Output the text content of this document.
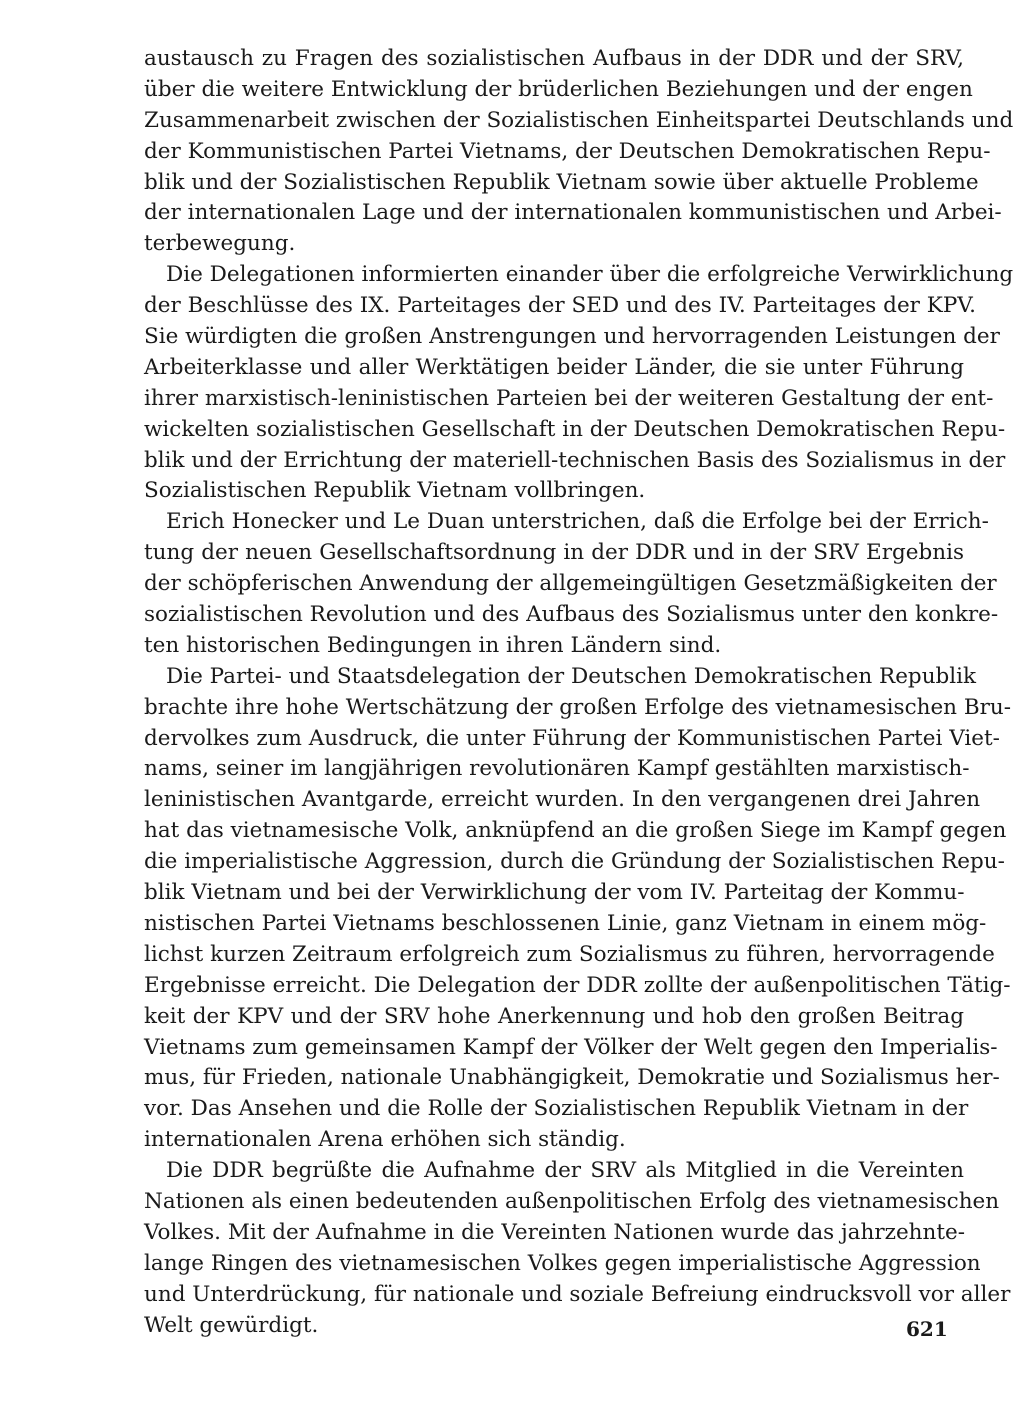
austausch zu Fragen des sozialistischen Aufbaus in der DDR und der SRV,
über die weitere Entwicklung der brüderlichen Beziehungen und der engen
Zusammenarbeit zwischen der Sozialistischen Einheitspartei Deutschlands und
der Kommunistischen Partei Vietnams, der Deutschen Demokratischen Repu-
blik und der Sozialistischen Republik Vietnam sowie über aktuelle Probleme
der internationalen Lage und der internationalen kommunistischen und Arbei-
terbewegung.
Die Delegationen informierten einander über die erfolgreiche Verwirklichung
der Beschlüsse des IX. Parteitages der SED und des IV. Parteitages der KPV.
Sie würdigten die großen Anstrengungen und hervorragenden Leistungen der
Arbeiterklasse und aller Werktätigen beider Länder, die sie unter Führung
ihrer marxistisch-leninistischen Parteien bei der weiteren Gestaltung der ent-
wickelten sozialistischen Gesellschaft in der Deutschen Demokratischen Repu-
blik und der Errichtung der materiell-technischen Basis des Sozialismus in der
Sozialistischen Republik Vietnam vollbringen.
Erich Honecker und Le Duan unterstrichen, daß die Erfolge bei der Errich-
tung der neuen Gesellschaftsordnung in der DDR und in der SRV Ergebnis
der schöpferischen Anwendung der allgemeingültigen Gesetzmäßigkeiten der
sozialistischen Revolution und des Aufbaus des Sozialismus unter den konkre-
ten historischen Bedingungen in ihren Ländern sind.
Die Partei- und Staatsdelegation der Deutschen Demokratischen Republik
brachte ihre hohe Wertschätzung der großen Erfolge des vietnamesischen Bru-
dervolkes zum Ausdruck, die unter Führung der Kommunistischen Partei Viet-
nams, seiner im langjährigen revolutionären Kampf gestählten marxistisch-
leninistischen Avantgarde, erreicht wurden. In den vergangenen drei Jahren
hat das vietnamesische Volk, anknüpfend an die großen Siege im Kampf gegen
die imperialistische Aggression, durch die Gründung der Sozialistischen Repu-
blik Vietnam und bei der Verwirklichung der vom IV. Parteitag der Kommu-
nistischen Partei Vietnams beschlossenen Linie, ganz Vietnam in einem mög-
lichst kurzen Zeitraum erfolgreich zum Sozialismus zu führen, hervorragende
Ergebnisse erreicht. Die Delegation der DDR zollte der außenpolitischen Tätig-
keit der KPV und der SRV hohe Anerkennung und hob den großen Beitrag
Vietnams zum gemeinsamen Kampf der Völker der Welt gegen den Imperialis-
mus, für Frieden, nationale Unabhängigkeit, Demokratie und Sozialismus her-
vor. Das Ansehen und die Rolle der Sozialistischen Republik Vietnam in der
internationalen Arena erhöhen sich ständig.
Die DDR begrüßte die Aufnahme der SRV als Mitglied in die Vereinten
Nationen als einen bedeutenden außenpolitischen Erfolg des vietnamesischen
Volkes. Mit der Aufnahme in die Vereinten Nationen wurde das jahrzehnte-
lange Ringen des vietnamesischen Volkes gegen imperialistische Aggression
und Unterdrückung, für nationale und soziale Befreiung eindrucksvoll vor aller
Welt gewürdigt.	621
